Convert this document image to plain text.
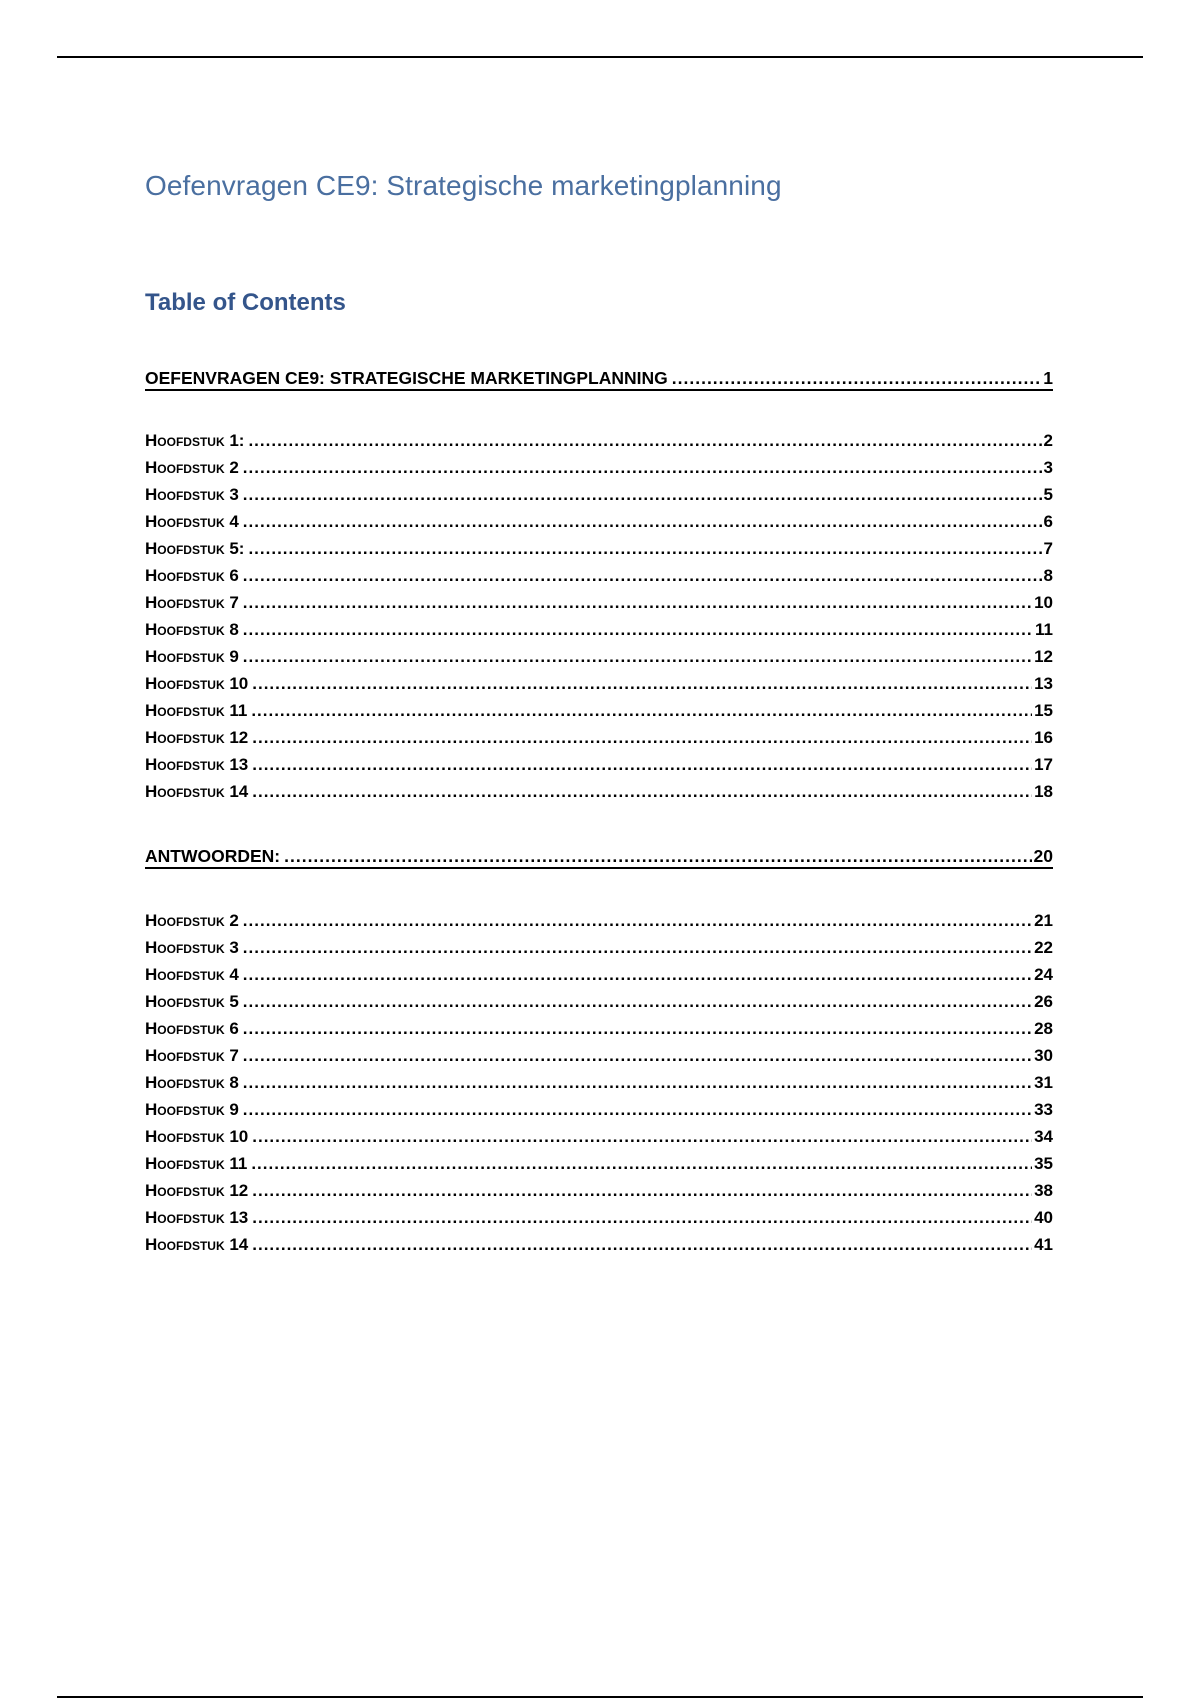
Oefenvragen CE9: Strategische marketingplanning
Table of Contents
OEFENVRAGEN CE9: STRATEGISCHE MARKETINGPLANNING .....	1
Hoofdstuk 1: .....	2
Hoofdstuk 2 .....	3
Hoofdstuk 3 .....	5
Hoofdstuk 4 .....	6
Hoofdstuk 5: .....	7
Hoofdstuk 6 .....	8
Hoofdstuk 7 .....	10
Hoofdstuk 8 .....	11
Hoofdstuk 9 .....	12
Hoofdstuk 10 .....	13
Hoofdstuk 11 .....	15
Hoofdstuk 12 .....	16
Hoofdstuk 13 .....	17
Hoofdstuk 14 .....	18
ANTWOORDEN: .....	20
Hoofdstuk 2 .....	21
Hoofdstuk 3 .....	22
Hoofdstuk 4 .....	24
Hoofdstuk 5 .....	26
Hoofdstuk 6 .....	28
Hoofdstuk 7 .....	30
Hoofdstuk 8 .....	31
Hoofdstuk 9 .....	33
Hoofdstuk 10 .....	34
Hoofdstuk 11 .....	35
Hoofdstuk 12 .....	38
Hoofdstuk 13 .....	40
Hoofdstuk 14 .....	41
